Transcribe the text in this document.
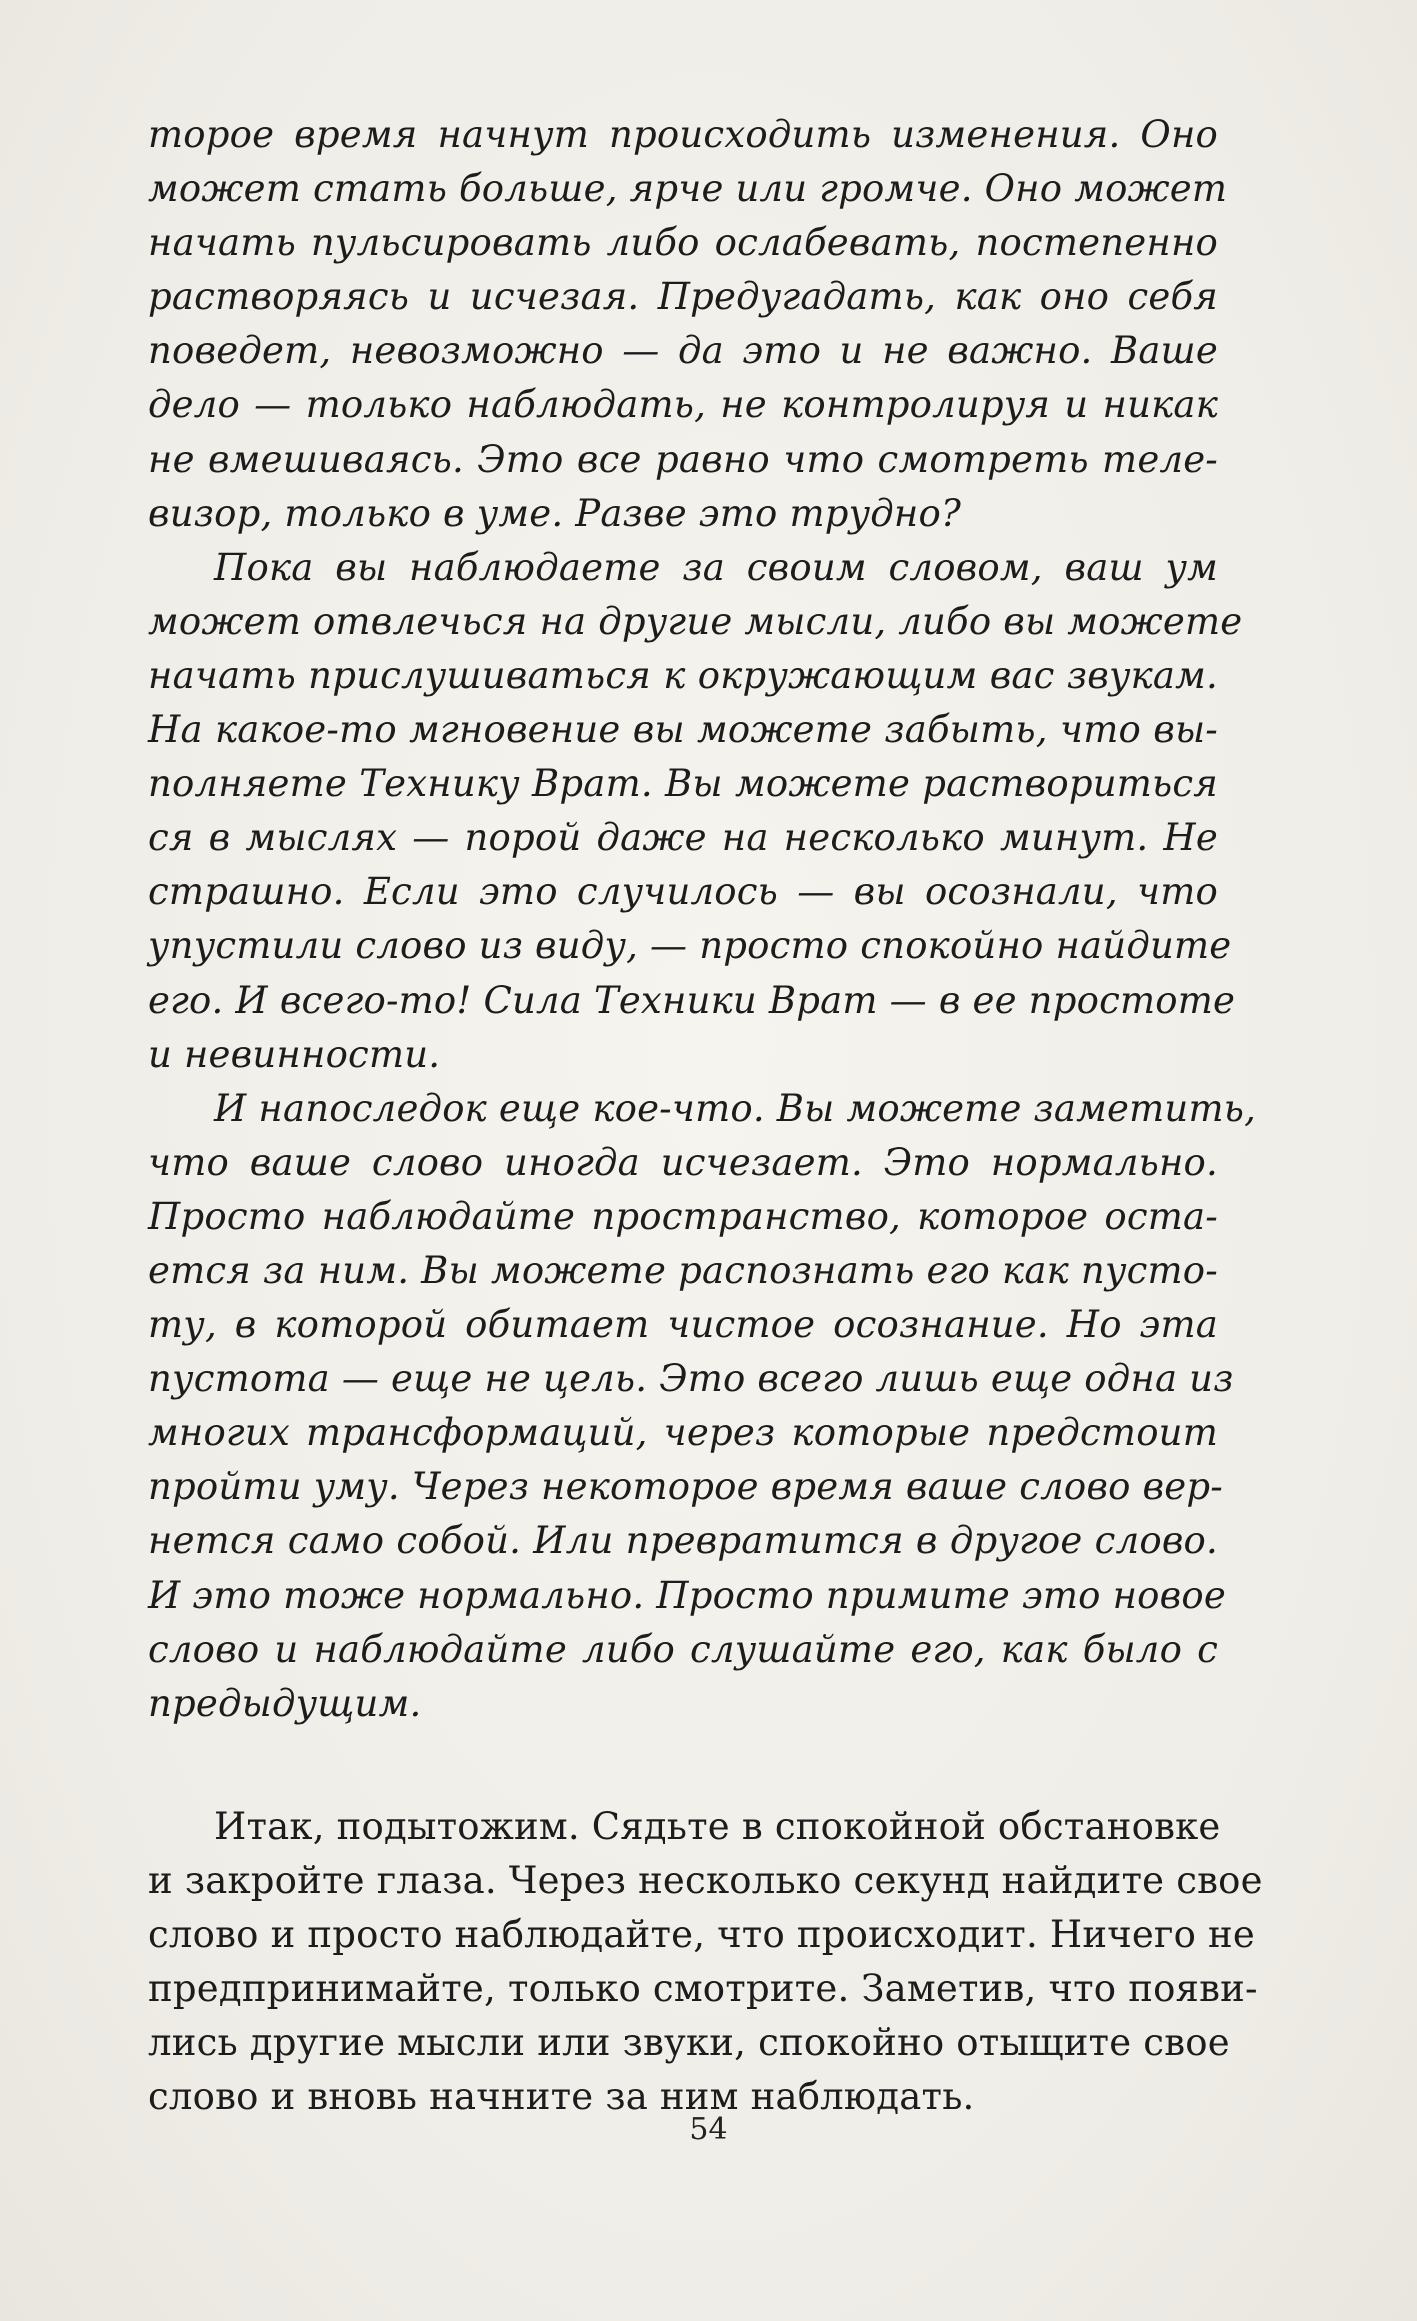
торое время начнут происходить изменения. Оно
может стать больше, ярче или громче. Оно может
начать пульсировать либо ослабевать, постепенно
растворяясь и исчезая. Предугадать, как оно себя
поведет, невозможно — да это и не важно. Ваше
дело — только наблюдать, не контролируя и никак
не вмешиваясь. Это все равно что смотреть теле-
визор, только в уме. Разве это трудно?
Пока вы наблюдаете за своим словом, ваш ум
может отвлечься на другие мысли, либо вы можете
начать прислушиваться к окружающим вас звукам.
На какое-то мгновение вы можете забыть, что вы-
полняете Технику Врат. Вы можете раствориться
ся в мыслях — порой даже на несколько минут. Не
страшно. Если это случилось — вы осознали, что
упустили слово из виду, — просто спокойно найдите
его. И всего-то! Сила Техники Врат — в ее простоте
и невинности.
И напоследок еще кое-что. Вы можете заметить,
что ваше слово иногда исчезает. Это нормально.
Просто наблюдайте пространство, которое оста-
ется за ним. Вы можете распознать его как пусто-
ту, в которой обитает чистое осознание. Но эта
пустота — еще не цель. Это всего лишь еще одна из
многих трансформаций, через которые предстоит
пройти уму. Через некоторое время ваше слово вер-
нется само собой. Или превратится в другое слово.
И это тоже нормально. Просто примите это новое
слово и наблюдайте либо слушайте его, как было с
предыдущим.
Итак, подытожим. Сядьте в спокойной обстановке
и закройте глаза. Через несколько секунд найдите свое
слово и просто наблюдайте, что происходит. Ничего не
предпринимайте, только смотрите. Заметив, что появи-
лись другие мысли или звуки, спокойно отыщите свое
слово и вновь начните за ним наблюдать.
54
